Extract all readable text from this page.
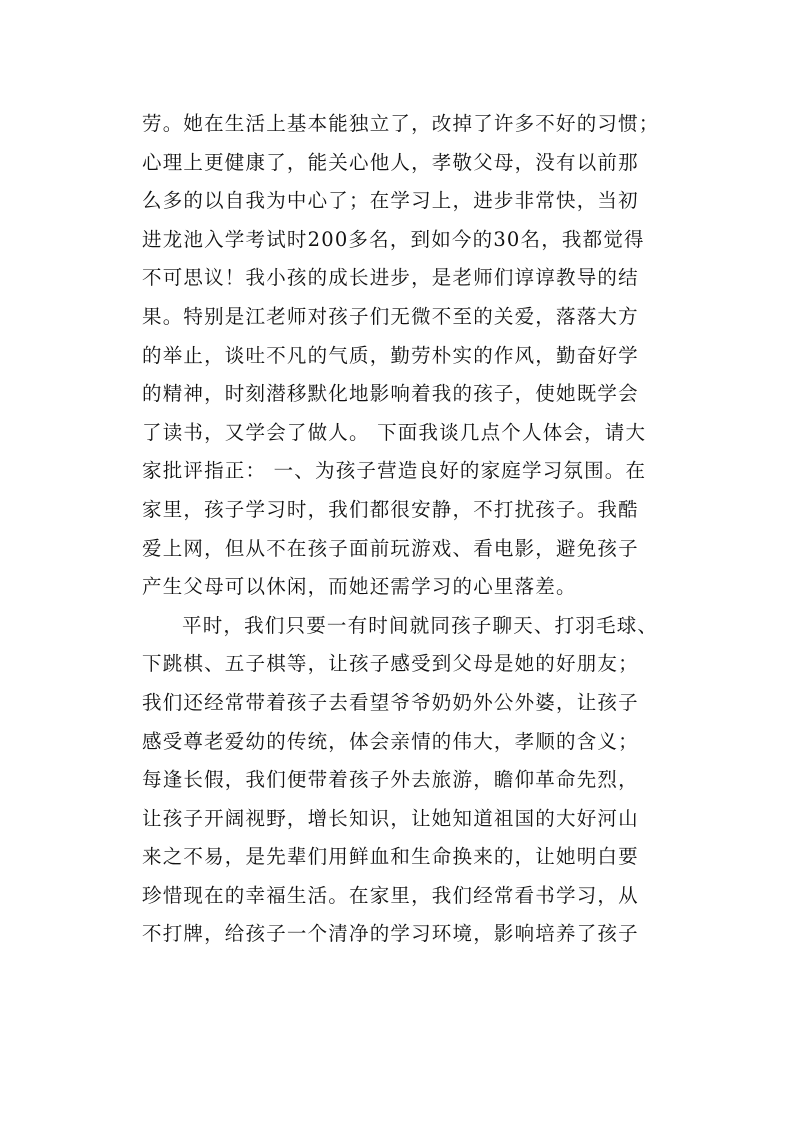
劳。她在生活上基本能独立了，改掉了许多不好的习惯；
心理上更健康了，能关心他人，孝敬父母，没有以前那
么多的以自我为中心了；在学习上，进步非常快，当初
进龙池入学考试时200多名，到如今的30名，我都觉得
不可思议！我小孩的成长进步，是老师们谆谆教导的结
果。特别是江老师对孩子们无微不至的关爱，落落大方
的举止，谈吐不凡的气质，勤劳朴实的作风，勤奋好学
的精神，时刻潜移默化地影响着我的孩子，使她既学会
了读书，又学会了做人。 下面我谈几点个人体会，请大
家批评指正： 一、为孩子营造良好的家庭学习氛围。在
家里，孩子学习时，我们都很安静，不打扰孩子。我酷
爱上网，但从不在孩子面前玩游戏、看电影，避免孩子
产生父母可以休闲，而她还需学习的心里落差。
平时，我们只要一有时间就同孩子聊天、打羽毛球、
下跳棋、五子棋等，让孩子感受到父母是她的好朋友；
我们还经常带着孩子去看望爷爷奶奶外公外婆，让孩子
感受尊老爱幼的传统，体会亲情的伟大，孝顺的含义；
每逢长假，我们便带着孩子外去旅游，瞻仰革命先烈，
让孩子开阔视野，增长知识，让她知道祖国的大好河山
来之不易，是先辈们用鲜血和生命换来的，让她明白要
珍惜现在的幸福生活。在家里，我们经常看书学习，从
不打牌，给孩子一个清净的学习环境，影响培养了孩子
